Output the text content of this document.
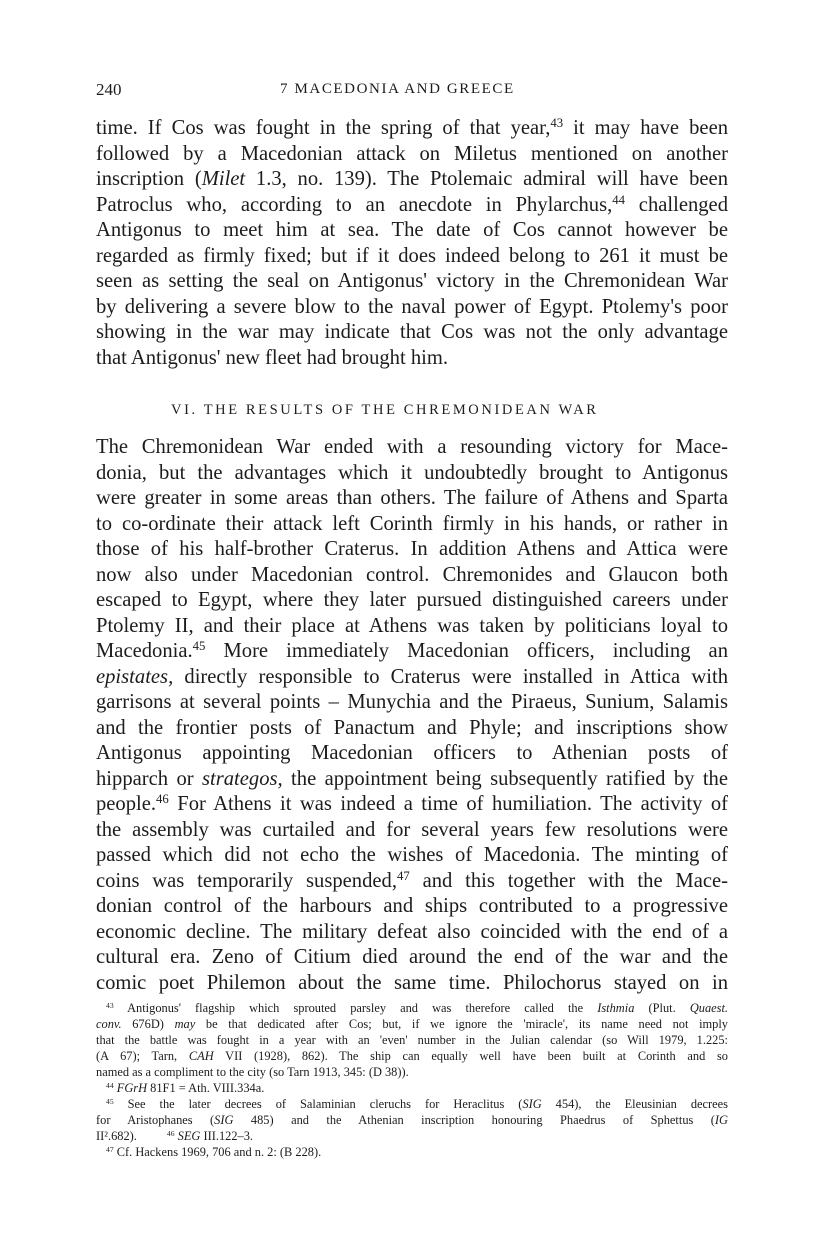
240	7 MACEDONIA AND GREECE

time. If Cos was fought in the spring of that year,$^{43}$ it may have been
followed by a Macedonian attack on Miletus mentioned on another
inscription (Milet 1.3, no. 139). The Ptolemaic admiral will have been
Patroclus who, according to an anecdote in Phylarchus,$^{44}$ challenged
Antigonus to meet him at sea. The date of Cos cannot however be
regarded as firmly fixed; but if it does indeed belong to 261 it must be
seen as setting the seal on Antigonus' victory in the Chremonidean War
by delivering a severe blow to the naval power of Egypt. Ptolemy's poor
showing in the war may indicate that Cos was not the only advantage
that Antigonus' new fleet had brought him.

VI. THE RESULTS OF THE CHREMONIDEAN WAR

The Chremonidean War ended with a resounding victory for Mace-
donia, but the advantages which it undoubtedly brought to Antigonus
were greater in some areas than others. The failure of Athens and Sparta
to co-ordinate their attack left Corinth firmly in his hands, or rather in
those of his half-brother Craterus. In addition Athens and Attica were
now also under Macedonian control. Chremonides and Glaucon both
escaped to Egypt, where they later pursued distinguished careers under
Ptolemy II, and their place at Athens was taken by politicians loyal to
Macedonia.$^{45}$ More immediately Macedonian officers, including an
epistates, directly responsible to Craterus were installed in Attica with
garrisons at several points – Munychia and the Piraeus, Sunium, Salamis
and the frontier posts of Panactum and Phyle; and inscriptions show
Antigonus appointing Macedonian officers to Athenian posts of
hipparch or strategos, the appointment being subsequently ratified by the
people.$^{46}$ For Athens it was indeed a time of humiliation. The activity of
the assembly was curtailed and for several years few resolutions were
passed which did not echo the wishes of Macedonia. The minting of
coins was temporarily suspended,$^{47}$ and this together with the Mace-
donian control of the harbours and ships contributed to a progressive
economic decline. The military defeat also coincided with the end of a
cultural era. Zeno of Citium died around the end of the war and the
comic poet Philemon about the same time. Philochorus stayed on in

$^{43}$ Antigonus' flagship which sprouted parsley and was therefore called the Isthmia (Plut. Quaest.
conv. 676D) may be that dedicated after Cos; but, if we ignore the 'miracle', its name need not imply
that the battle was fought in a year with an 'even' number in the Julian calendar (so Will 1979, 1.225:
(A 67); Tarn, CAH VII (1928), 862). The ship can equally well have been built at Corinth and so
named as a compliment to the city (so Tarn 1913, 345: (D 38)).
$^{44}$ FGrH 81F1 = Ath. VIII.334a.
$^{45}$ See the later decrees of Salaminian cleruchs for Heraclitus (SIG 454), the Eleusinian decrees
for Aristophanes (SIG 485) and the Athenian inscription honouring Phaedrus of Sphettus (IG
II².682).	$^{46}$ SEG III.122–3.
$^{47}$ Cf. Hackens 1969, 706 and n. 2: (B 228).
